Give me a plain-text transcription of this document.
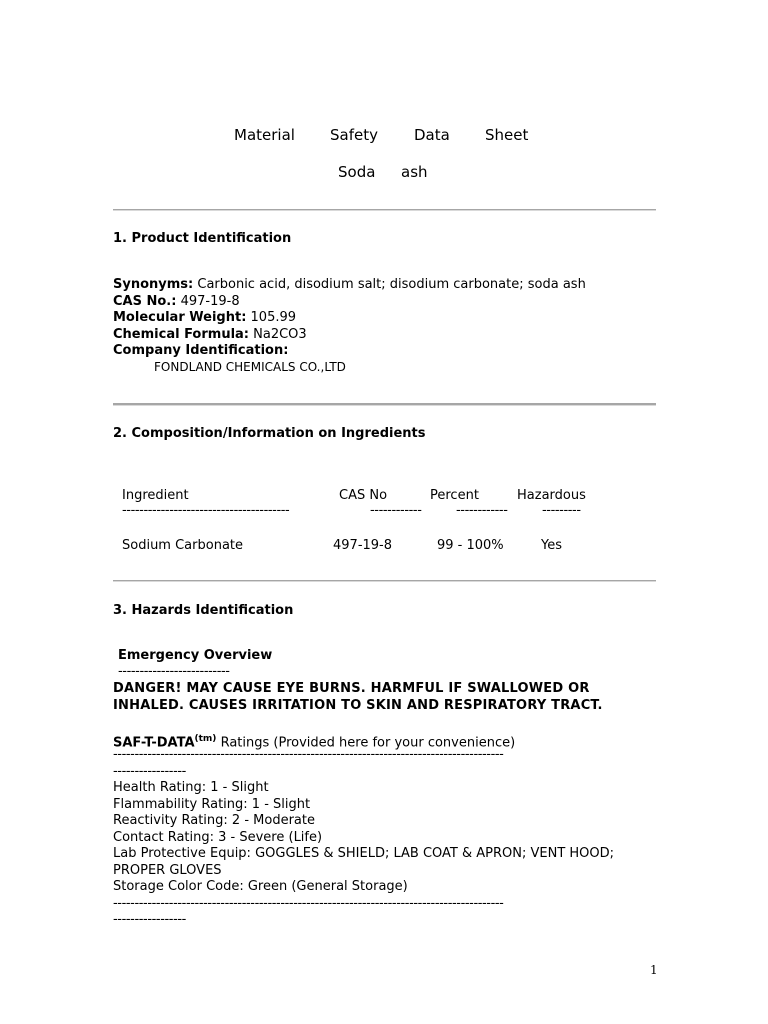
Material Safety Data Sheet
Soda ash
1. Product Identification
Synonyms: Carbonic acid, disodium salt; disodium carbonate; soda ash
CAS No.: 497-19-8
Molecular Weight: 105.99
Chemical Formula: Na2CO3
Company Identification:
FONDLAND CHEMICALS CO.,LTD
2. Composition/Information on Ingredients
Ingredient	CAS No	Percent	Hazardous
---------------------------------------	------------	------------	---------
Sodium Carbonate	497-19-8	99 - 100%	Yes
3. Hazards Identification
Emergency Overview
--------------------------
DANGER! MAY CAUSE EYE BURNS. HARMFUL IF SWALLOWED OR
INHALED. CAUSES IRRITATION TO SKIN AND RESPIRATORY TRACT.
SAF-$T-DATA^{(tm)}$ Ratings (Provided here for your convenience)
-------------------------------------------------------------------------------------------
-----------------
Health Rating: 1 - Slight
Flammability Rating: 1 - Slight
Reactivity Rating: 2 - Moderate
Contact Rating: 3 - Severe (Life)
Lab Protective Equip: GOGGLES & SHIELD; LAB COAT & APRON; VENT HOOD;
PROPER GLOVES
Storage Color Code: Green (General Storage)
-------------------------------------------------------------------------------------------
-----------------
1
